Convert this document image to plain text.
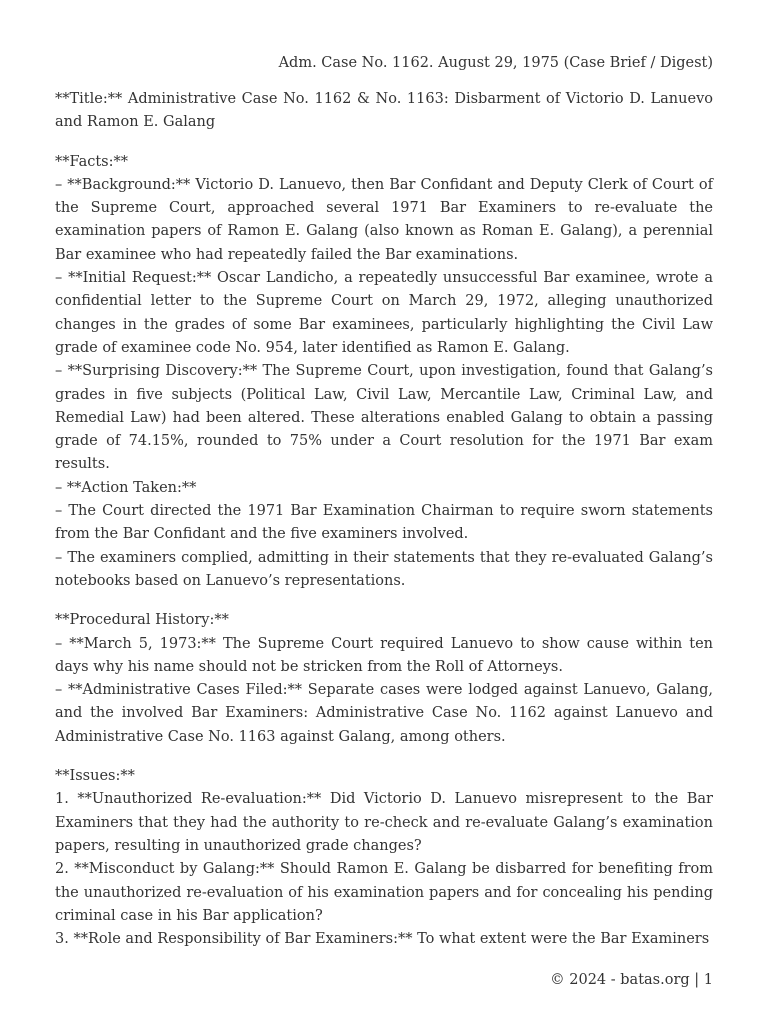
Adm. Case No. 1162. August 29, 1975 (Case Brief / Digest)

**Title:** Administrative Case No. 1162 & No. 1163: Disbarment of Victorio D. Lanuevo and Ramon E. Galang

**Facts:**
– **Background:** Victorio D. Lanuevo, then Bar Confidant and Deputy Clerk of Court of the Supreme Court, approached several 1971 Bar Examiners to re-evaluate the examination papers of Ramon E. Galang (also known as Roman E. Galang), a perennial Bar examinee who had repeatedly failed the Bar examinations.
– **Initial Request:** Oscar Landicho, a repeatedly unsuccessful Bar examinee, wrote a confidential letter to the Supreme Court on March 29, 1972, alleging unauthorized changes in the grades of some Bar examinees, particularly highlighting the Civil Law grade of examinee code No. 954, later identified as Ramon E. Galang.
– **Surprising Discovery:** The Supreme Court, upon investigation, found that Galang’s grades in five subjects (Political Law, Civil Law, Mercantile Law, Criminal Law, and Remedial Law) had been altered. These alterations enabled Galang to obtain a passing grade of 74.15%, rounded to 75% under a Court resolution for the 1971 Bar exam results.
– **Action Taken:**
– The Court directed the 1971 Bar Examination Chairman to require sworn statements from the Bar Confidant and the five examiners involved.
– The examiners complied, admitting in their statements that they re-evaluated Galang’s notebooks based on Lanuevo’s representations.

**Procedural History:**
– **March 5, 1973:** The Supreme Court required Lanuevo to show cause within ten days why his name should not be stricken from the Roll of Attorneys.
– **Administrative Cases Filed:** Separate cases were lodged against Lanuevo, Galang, and the involved Bar Examiners: Administrative Case No. 1162 against Lanuevo and Administrative Case No. 1163 against Galang, among others.

**Issues:**
1. **Unauthorized Re-evaluation:** Did Victorio D. Lanuevo misrepresent to the Bar Examiners that they had the authority to re-check and re-evaluate Galang’s examination papers, resulting in unauthorized grade changes?
2. **Misconduct by Galang:** Should Ramon E. Galang be disbarred for benefiting from the unauthorized re-evaluation of his examination papers and for concealing his pending criminal case in his Bar application?
3. **Role and Responsibility of Bar Examiners:** To what extent were the Bar Examiners

© 2024 - batas.org | 1
